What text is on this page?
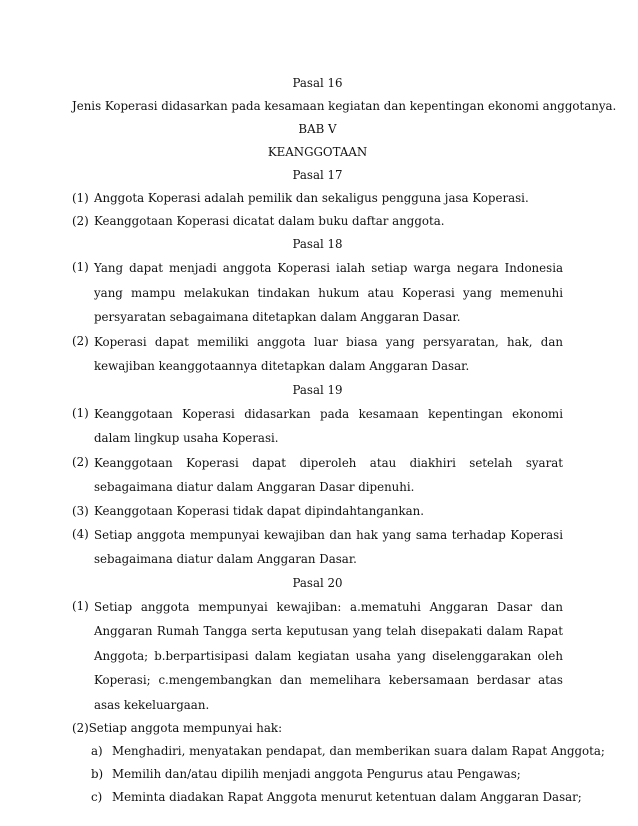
Pasal 16
Jenis Koperasi didasarkan pada kesamaan kegiatan dan kepentingan ekonomi anggotanya.
BAB V
KEANGGOTAAN
Pasal 17
(1) Anggota Koperasi adalah pemilik dan sekaligus pengguna jasa Koperasi.
(2) Keanggotaan Koperasi dicatat dalam buku daftar anggota.
Pasal 18
(1) Yang dapat menjadi anggota Koperasi ialah setiap warga negara Indonesia yang mampu melakukan tindakan hukum atau Koperasi yang memenuhi persyaratan sebagaimana ditetapkan dalam Anggaran Dasar.
(2) Koperasi dapat memiliki anggota luar biasa yang persyaratan, hak, dan kewajiban keanggotaannya ditetapkan dalam Anggaran Dasar.
Pasal 19
(1) Keanggotaan Koperasi didasarkan pada kesamaan kepentingan ekonomi dalam lingkup usaha Koperasi.
(2) Keanggotaan Koperasi dapat diperoleh atau diakhiri setelah syarat sebagaimana diatur dalam Anggaran Dasar dipenuhi.
(3) Keanggotaan Koperasi tidak dapat dipindahtangankan.
(4) Setiap anggota mempunyai kewajiban dan hak yang sama terhadap Koperasi sebagaimana diatur dalam Anggaran Dasar.
Pasal 20
(1) Setiap anggota mempunyai kewajiban: a.mematuhi Anggaran Dasar dan Anggaran Rumah Tangga serta keputusan yang telah disepakati dalam Rapat Anggota; b.berpartisipasi dalam kegiatan usaha yang diselenggarakan oleh Koperasi; c.mengembangkan dan memelihara kebersamaan berdasar atas asas kekeluargaan.
(2)Setiap anggota mempunyai hak:
a) Menghadiri, menyatakan pendapat, dan memberikan suara dalam Rapat Anggota;
b) Memilih dan/atau dipilih menjadi anggota Pengurus atau Pengawas;
c) Meminta diadakan Rapat Anggota menurut ketentuan dalam Anggaran Dasar;
